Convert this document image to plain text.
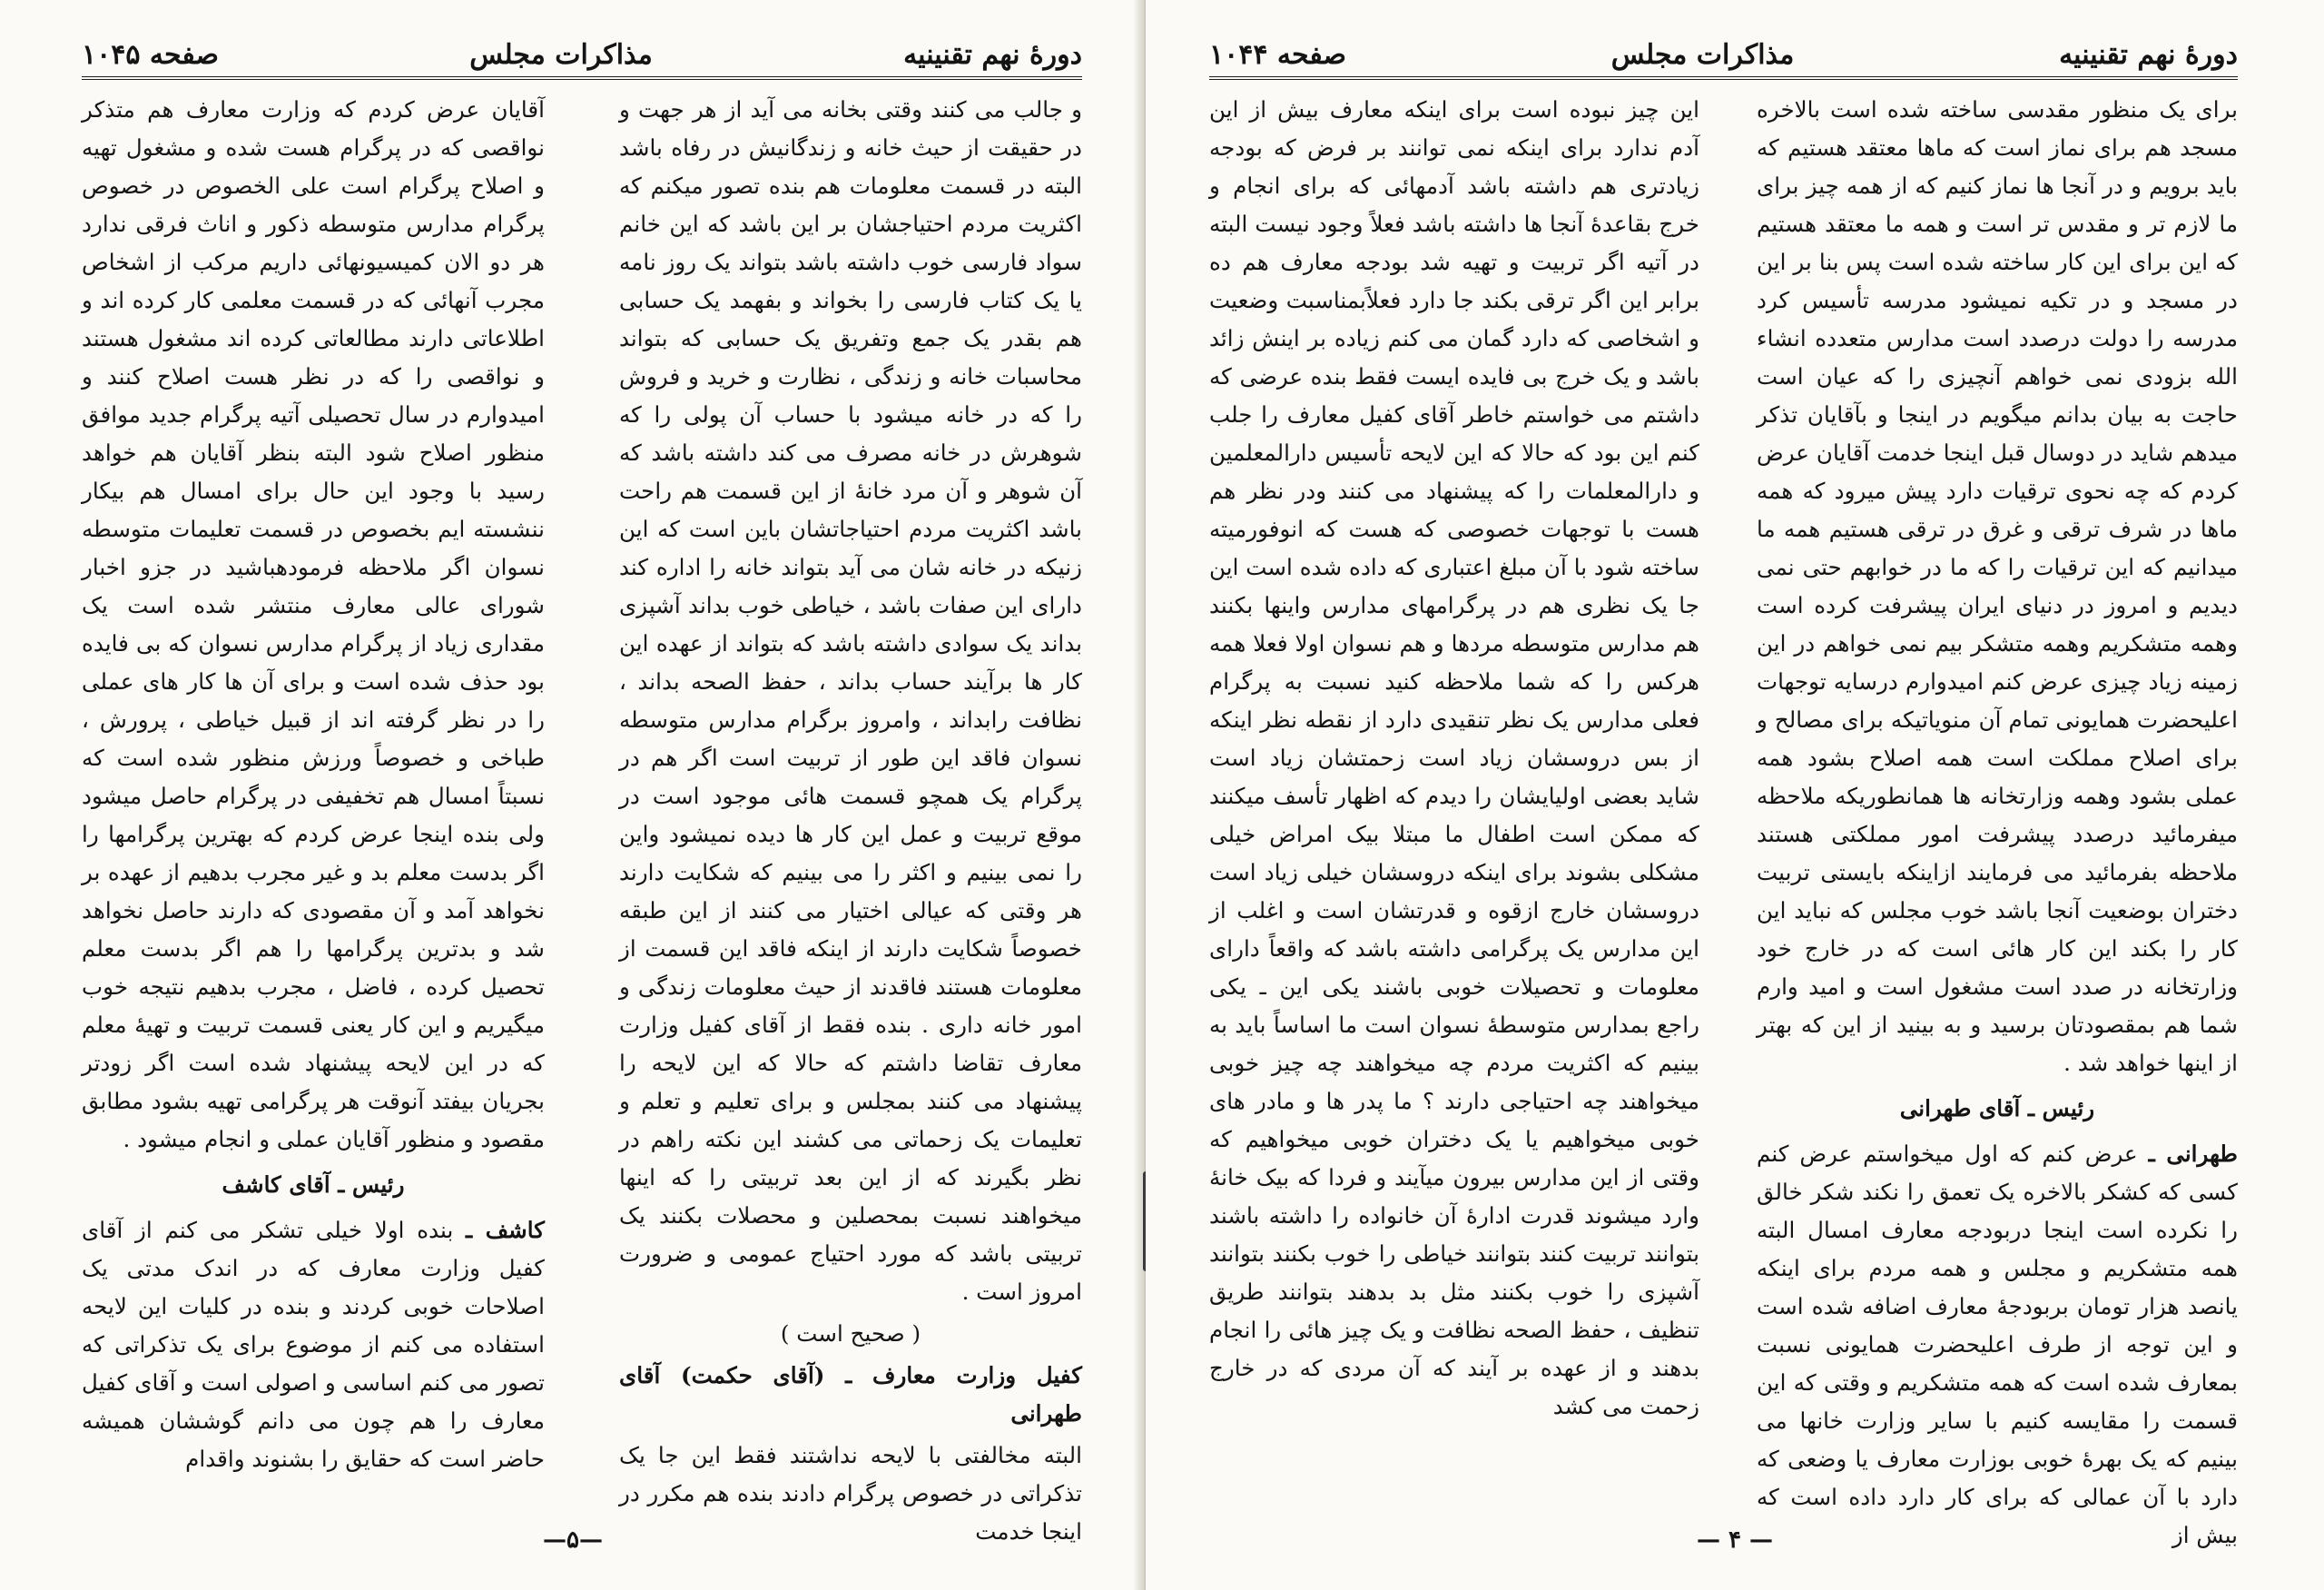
دورهٔ نهم تقنینیه
مذاکرات مجلس
صفحه ۱۰۴۵

و جالب می کنند وقتی بخانه می آید از هر جهت و در حقیقت از حیث خانه و زندگانیش در رفاه باشد البته در قسمت معلومات هم بنده تصور میکنم که اکثریت مردم احتیاجشان بر این باشد که این خانم سواد فارسی خوب داشته باشد بتواند یک روز نامه یا یک کتاب فارسی را بخواند و بفهمد یک حسابی هم بقدر یک جمع وتفریق یک حسابی که بتواند محاسبات خانه و زندگی ، نظارت و خرید و فروش را که در خانه میشود با حساب آن پولی را که شوهرش در خانه مصرف می کند داشته باشد که آن شوهر و آن مرد خانهٔ از این قسمت هم راحت باشد اکثریت مردم احتیاجاتشان باین است که این زنیکه در خانه شان می آید بتواند خانه را اداره کند دارای این صفات باشد ، خیاطی خوب بداند آشپزی بداند یک سوادی داشته باشد که بتواند از عهده این کار ها برآیند حساب بداند ، حفظ الصحه بداند ، نظافت رابداند ، وامروز برگرام مدارس متوسطه نسوان فاقد این طور از تربیت است اگر هم در پرگرام یک همچو قسمت هائی موجود است در موقع تربیت و عمل این کار ها دیده نمیشود واین را نمی بینیم و اکثر را می بینیم که شکایت دارند هر وقتی که عیالی اختیار می کنند از این طبقه خصوصاً شکایت دارند از اینکه فاقد این قسمت از معلومات هستند فاقدند از حیث معلومات زندگی و امور خانه داری . بنده فقط از آقای کفیل وزارت معارف تقاضا داشتم که حالا که این لایحه را پیشنهاد می کنند بمجلس و برای تعلیم و تعلم و تعلیمات یک زحماتی می کشند این نکته راهم در نظر بگیرند که از این بعد تربیتی را که اینها میخواهند نسبت بمحصلین و محصلات بکنند یک تربیتی باشد که مورد احتیاج عمومی و ضرورت امروز است .

( صحیح است )

کفیل وزارت معارف ـ (آقای حکمت) آقای طهرانی

البته مخالفتی با لایحه نداشتند فقط این جا یک تذکراتی در خصوص پرگرام دادند بنده هم مکرر در اینجا خدمت

آقایان عرض کردم که وزارت معارف هم متذکر نواقصی که در پرگرام هست شده و مشغول تهیه و اصلاح پرگرام است علی الخصوص در خصوص پرگرام مدارس متوسطه ذکور و اناث فرقی ندارد هر دو الان کمیسیونهائی داریم مرکب از اشخاص مجرب آنهائی که در قسمت معلمی کار کرده اند و اطلاعاتی دارند مطالعاتی کرده اند مشغول هستند و نواقصی را که در نظر هست اصلاح کنند و امیدوارم در سال تحصیلی آتیه پرگرام جدید موافق منظور اصلاح شود البته بنظر آقایان هم خواهد رسید با وجود این حال برای امسال هم بیکار ننشسته ایم بخصوص در قسمت تعلیمات متوسطه نسوان اگر ملاحظه فرمودهباشید در جزو اخبار شورای عالی معارف منتشر شده است یک مقداری زیاد از پرگرام مدارس نسوان که بی فایده بود حذف شده است و برای آن ها کار های عملی را در نظر گرفته اند از قبیل خیاطی ، پرورش ، طباخی و خصوصاً ورزش منظور شده است که نسبتاً امسال هم تخفیفی در پرگرام حاصل میشود ولی بنده اینجا عرض کردم که بهترین پرگرامها را اگر بدست معلم بد و غیر مجرب بدهیم از عهده بر نخواهد آمد و آن مقصودی که دارند حاصل نخواهد شد و بدترین پرگرامها را هم اگر بدست معلم تحصیل کرده ، فاضل ، مجرب بدهیم نتیجه خوب میگیریم و این کار یعنی قسمت تربیت و تهیهٔ معلم که در این لایحه پیشنهاد شده است اگر زودتر بجریان بیفتد آنوقت هر پرگرامی تهیه بشود مطابق مقصود و منظور آقایان عملی و انجام میشود .

رئیس ـ آقای کاشف

کاشف ـ بنده اولا خیلی تشکر می کنم از آقای کفیل وزارت معارف که در اندک مدتی یک اصلاحات خوبی کردند و بنده در کلیات این لایحه استفاده می کنم از موضوع برای یک تذکراتی که تصور می کنم اساسی و اصولی است و آقای کفیل معارف را هم چون می دانم گوششان همیشه حاضر است که حقایق را بشنوند واقدام

—۵—
دورهٔ نهم تقنینیه
مذاکرات مجلس
صفحه ۱۰۴۴

برای یک منظور مقدسی ساخته شده است بالاخره مسجد هم برای نماز است که ماها معتقد هستیم که باید برویم و در آنجا ها نماز کنیم که از همه چیز برای ما لازم تر و مقدس تر است و همه ما معتقد هستیم که این برای این کار ساخته شده است پس بنا بر این در مسجد و در تکیه نمیشود مدرسه تأسیس کرد مدرسه را دولت درصدد است مدارس متعدده انشاء الله بزودی نمی خواهم آنچیزی را که عیان است حاجت به بیان بدانم میگویم در اینجا و بآقایان تذکر میدهم شاید در دوسال قبل اینجا خدمت آقایان عرض کردم که چه نحوی ترقیات دارد پیش میرود که همه ماها در شرف ترقی و غرق در ترقی هستیم همه ما میدانیم که این ترقیات را که ما در خوابهم حتی نمی دیدیم و امروز در دنیای ایران پیشرفت کرده است وهمه متشکریم وهمه متشکر بیم نمی خواهم در این زمینه زیاد چیزی عرض کنم امیدوارم درسایه توجهات اعلیحضرت همایونی تمام آن منویاتیکه برای مصالح و برای اصلاح مملکت است همه اصلاح بشود همه عملی بشود وهمه وزارتخانه ها همانطوریکه ملاحظه میفرمائید درصدد پیشرفت امور مملکتی هستند ملاحظه بفرمائید می فرمایند ازاینکه بایستی تربیت دختران بوضعیت آنجا باشد خوب مجلس که نباید این کار را بکند این کار هائی است که در خارج خود وزارتخانه در صدد است مشغول است و امید وارم شما هم بمقصودتان برسید و به بینید از این که بهتر از اینها خواهد شد .

رئیس ـ آقای طهرانی

طهرانی ـ عرض کنم که اول میخواستم عرض کنم کسی که کشکر بالاخره یک تعمق را نکند شکر خالق را نکرده است اینجا دربودجه معارف امسال البته همه متشکریم و مجلس و همه مردم برای اینکه یانصد هزار تومان بربودجهٔ معارف اضافه شده است و این توجه از طرف اعلیحضرت همایونی نسبت بمعارف شده است که همه متشکریم و وقتی که این قسمت را مقایسه کنیم با سایر وزارت خانها می بینیم که یک بهرهٔ خوبی بوزارت معارف یا وضعی که دارد با آن عمالی که برای کار دارد داده است که بیش از

این چیز نبوده است برای اینکه معارف بیش از این آدم ندارد برای اینکه نمی توانند بر فرض که بودجه زیادتری هم داشته باشد آدمهائی که برای انجام و خرج بقاعدهٔ آنجا ها داشته باشد فعلاً وجود نیست البته در آتیه اگر تربیت و تهیه شد بودجه معارف هم ده برابر این اگر ترقی بکند جا دارد فعلاًبمناسبت وضعیت و اشخاصی که دارد گمان می کنم زیاده بر اینش زائد باشد و یک خرج بی فایده ایست فقط بنده عرضی که داشتم می خواستم خاطر آقای کفیل معارف را جلب کنم این بود که حالا که این لایحه تأسیس دارالمعلمین و دارالمعلمات را که پیشنهاد می کنند ودر نظر هم هست با توجهات خصوصی که هست که انوفورمیته ساخته شود با آن مبلغ اعتباری که داده شده است این جا یک نظری هم در پرگرامهای مدارس واینها بکنند هم مدارس متوسطه مردها و هم نسوان اولا فعلا همه هرکس را که شما ملاحظه کنید نسبت به پرگرام فعلی مدارس یک نظر تنقیدی دارد از نقطه نظر اینکه از بس دروسشان زیاد است زحمتشان زیاد است شاید بعضی اولیایشان را دیدم که اظهار تأسف میکنند که ممکن است اطفال ما مبتلا بیک امراض خیلی مشکلی بشوند برای اینکه دروسشان خیلی زیاد است دروسشان خارج ازقوه و قدرتشان است و اغلب از این مدارس یک پرگرامی داشته باشد که واقعاً دارای معلومات و تحصیلات خوبی باشند یکی این ـ یکی راجع بمدارس متوسطهٔ نسوان است ما اساساً باید به بینیم که اکثریت مردم چه میخواهند چه چیز خوبی میخواهند چه احتیاجی دارند ؟ ما پدر ها و مادر های خوبی میخواهیم یا یک دختران خوبی میخواهیم که وقتی از این مدارس بیرون میآیند و فردا که بیک خانهٔ وارد میشوند قدرت ادارهٔ آن خانواده را داشته باشند بتوانند تربیت کنند بتوانند خیاطی را خوب بکنند بتوانند آشپزی را خوب بکنند مثل بد بدهند بتوانند طریق تنظیف ، حفظ الصحه نظافت و یک چیز هائی را انجام بدهند و از عهده بر آیند که آن مردی که در خارج زحمت می کشد

— ۴ —
